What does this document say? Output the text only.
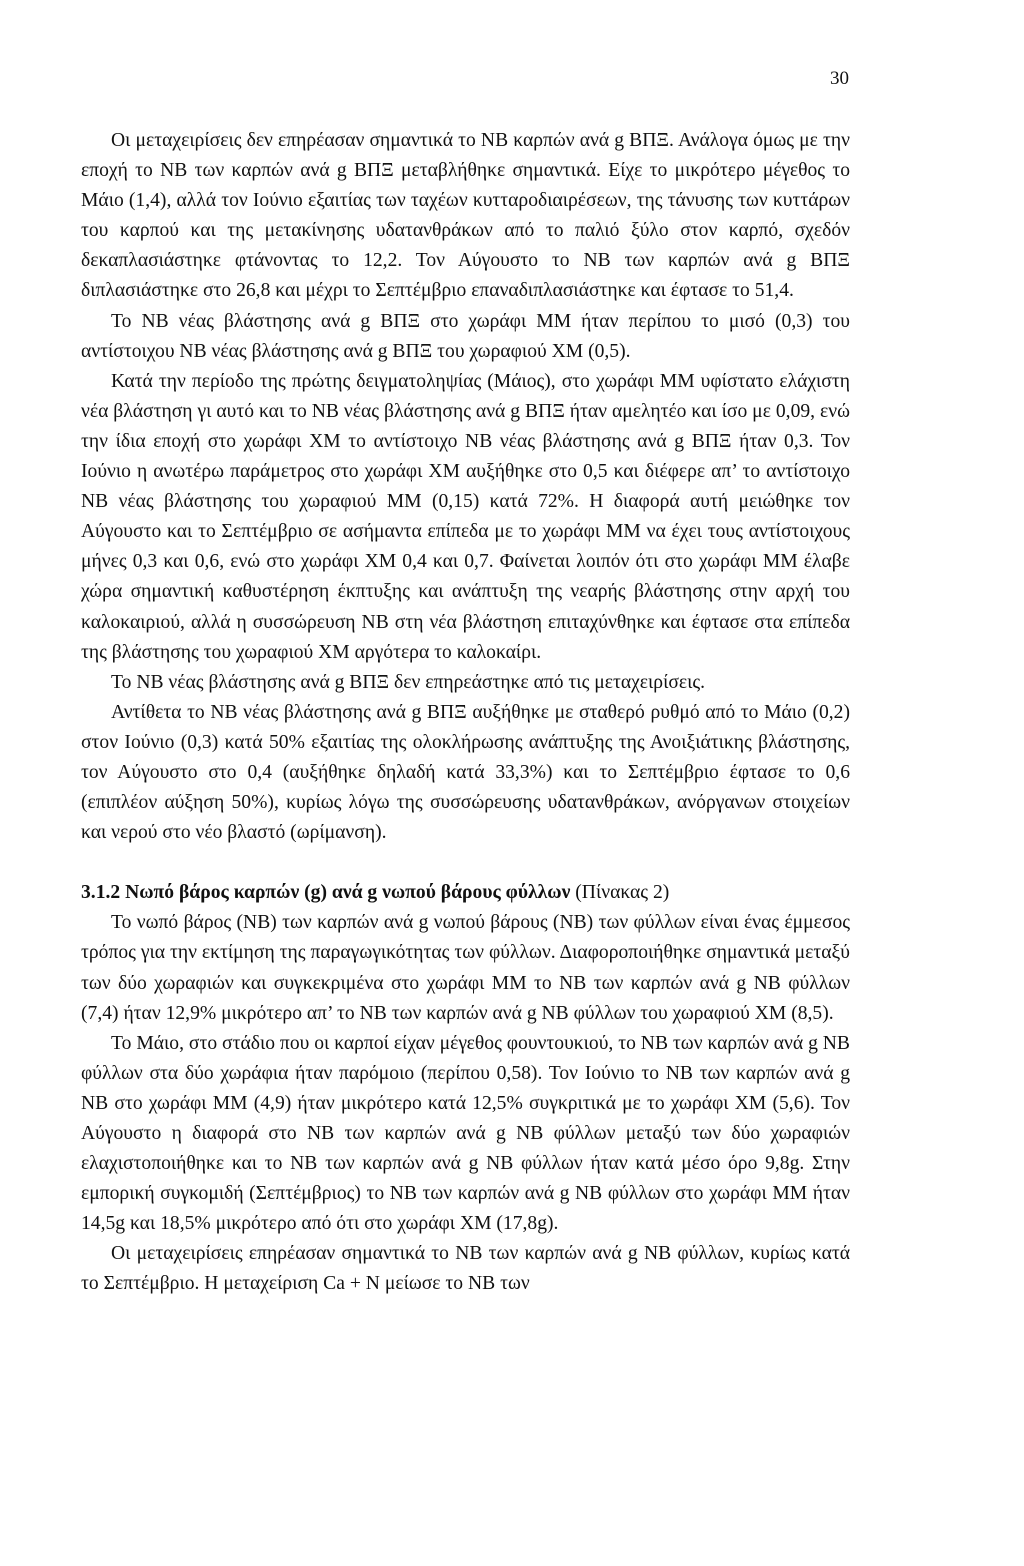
30

Οι μεταχειρίσεις δεν επηρέασαν σημαντικά το ΝΒ καρπών ανά g ΒΠΞ. Ανάλογα όμως με την εποχή το ΝΒ των καρπών ανά g ΒΠΞ μεταβλήθηκε σημαντικά. Είχε το μικρότερο μέγεθος το Μάιο (1,4), αλλά τον Ιούνιο εξαιτίας των ταχέων κυτταροδιαιρέσεων, της τάνυσης των κυττάρων του καρπού και της μετακίνησης υδατανθράκων από το παλιό ξύλο στον καρπό, σχεδόν δεκαπλασιάστηκε φτάνοντας το 12,2. Τον Αύγουστο το ΝΒ των καρπών ανά g ΒΠΞ διπλασιάστηκε στο 26,8 και μέχρι το Σεπτέμβριο επαναδιπλασιάστηκε και έφτασε το 51,4.

Το ΝΒ νέας βλάστησης ανά g ΒΠΞ στο χωράφι ΜΜ ήταν περίπου το μισό (0,3) του αντίστοιχου ΝΒ νέας βλάστησης ανά g ΒΠΞ του χωραφιού ΧΜ (0,5).

Κατά την περίοδο της πρώτης δειγματοληψίας (Μάιος), στο χωράφι ΜΜ υφίστατο ελάχιστη νέα βλάστηση γι αυτό και το ΝΒ νέας βλάστησης ανά g ΒΠΞ ήταν αμελητέο και ίσο με 0,09, ενώ την ίδια εποχή στο χωράφι ΧΜ το αντίστοιχο ΝΒ νέας βλάστησης ανά g ΒΠΞ ήταν 0,3. Τον Ιούνιο η ανωτέρω παράμετρος στο χωράφι ΧΜ αυξήθηκε στο 0,5 και διέφερε απ’ το αντίστοιχο ΝΒ νέας βλάστησης του χωραφιού ΜΜ (0,15) κατά 72%. Η διαφορά αυτή μειώθηκε τον Αύγουστο και το Σεπτέμβριο σε ασήμαντα επίπεδα με το χωράφι ΜΜ να έχει τους αντίστοιχους μήνες 0,3 και 0,6, ενώ στο χωράφι ΧΜ 0,4 και 0,7. Φαίνεται λοιπόν ότι στο χωράφι ΜΜ έλαβε χώρα σημαντική καθυστέρηση έκπτυξης και ανάπτυξη της νεαρής βλάστησης στην αρχή του καλοκαιριού, αλλά η συσσώρευση ΝΒ στη νέα βλάστηση επιταχύνθηκε και έφτασε στα επίπεδα της βλάστησης του χωραφιού ΧΜ αργότερα το καλοκαίρι.

Το ΝΒ νέας βλάστησης ανά g ΒΠΞ δεν επηρεάστηκε από τις μεταχειρίσεις.

Αντίθετα το ΝΒ νέας βλάστησης ανά g ΒΠΞ αυξήθηκε με σταθερό ρυθμό από το Μάιο (0,2) στον Ιούνιο (0,3) κατά 50% εξαιτίας της ολοκλήρωσης ανάπτυξης της Ανοιξιάτικης βλάστησης, τον Αύγουστο στο 0,4 (αυξήθηκε δηλαδή κατά 33,3%) και το Σεπτέμβριο έφτασε το 0,6 (επιπλέον αύξηση 50%), κυρίως λόγω της συσσώρευσης υδατανθράκων, ανόργανων στοιχείων και νερού στο νέο βλαστό (ωρίμανση).

3.1.2 Νωπό βάρος καρπών (g) ανά g νωπού βάρους φύλλων (Πίνακας 2)

Το νωπό βάρος (ΝΒ) των καρπών ανά g νωπού βάρους (ΝΒ) των φύλλων είναι ένας έμμεσος τρόπος για την εκτίμηση της παραγωγικότητας των φύλλων. Διαφοροποιήθηκε σημαντικά μεταξύ των δύο χωραφιών και συγκεκριμένα στο χωράφι ΜΜ το ΝΒ των καρπών ανά g ΝΒ φύλλων (7,4) ήταν 12,9% μικρότερο απ’ το ΝΒ των καρπών ανά g ΝΒ φύλλων του χωραφιού ΧΜ (8,5).

Το Μάιο, στο στάδιο που οι καρποί είχαν μέγεθος φουντουκιού, το ΝΒ των καρπών ανά g ΝΒ φύλλων στα δύο χωράφια ήταν παρόμοιο (περίπου 0,58). Τον Ιούνιο το ΝΒ των καρπών ανά g ΝΒ στο χωράφι ΜΜ (4,9) ήταν μικρότερο κατά 12,5% συγκριτικά με το χωράφι ΧΜ (5,6). Τον Αύγουστο η διαφορά στο ΝΒ των καρπών ανά g ΝΒ φύλλων μεταξύ των δύο χωραφιών ελαχιστοποιήθηκε και το ΝΒ των καρπών ανά g ΝΒ φύλλων ήταν κατά μέσο όρο 9,8g. Στην εμπορική συγκομιδή (Σεπτέμβριος) το ΝΒ των καρπών ανά g ΝΒ φύλλων στο χωράφι ΜΜ ήταν 14,5g και 18,5% μικρότερο από ότι στο χωράφι ΧΜ (17,8g).

Οι μεταχειρίσεις επηρέασαν σημαντικά το ΝΒ των καρπών ανά g ΝΒ φύλλων, κυρίως κατά το Σεπτέμβριο. Η μεταχείριση Ca + N μείωσε το ΝΒ των
